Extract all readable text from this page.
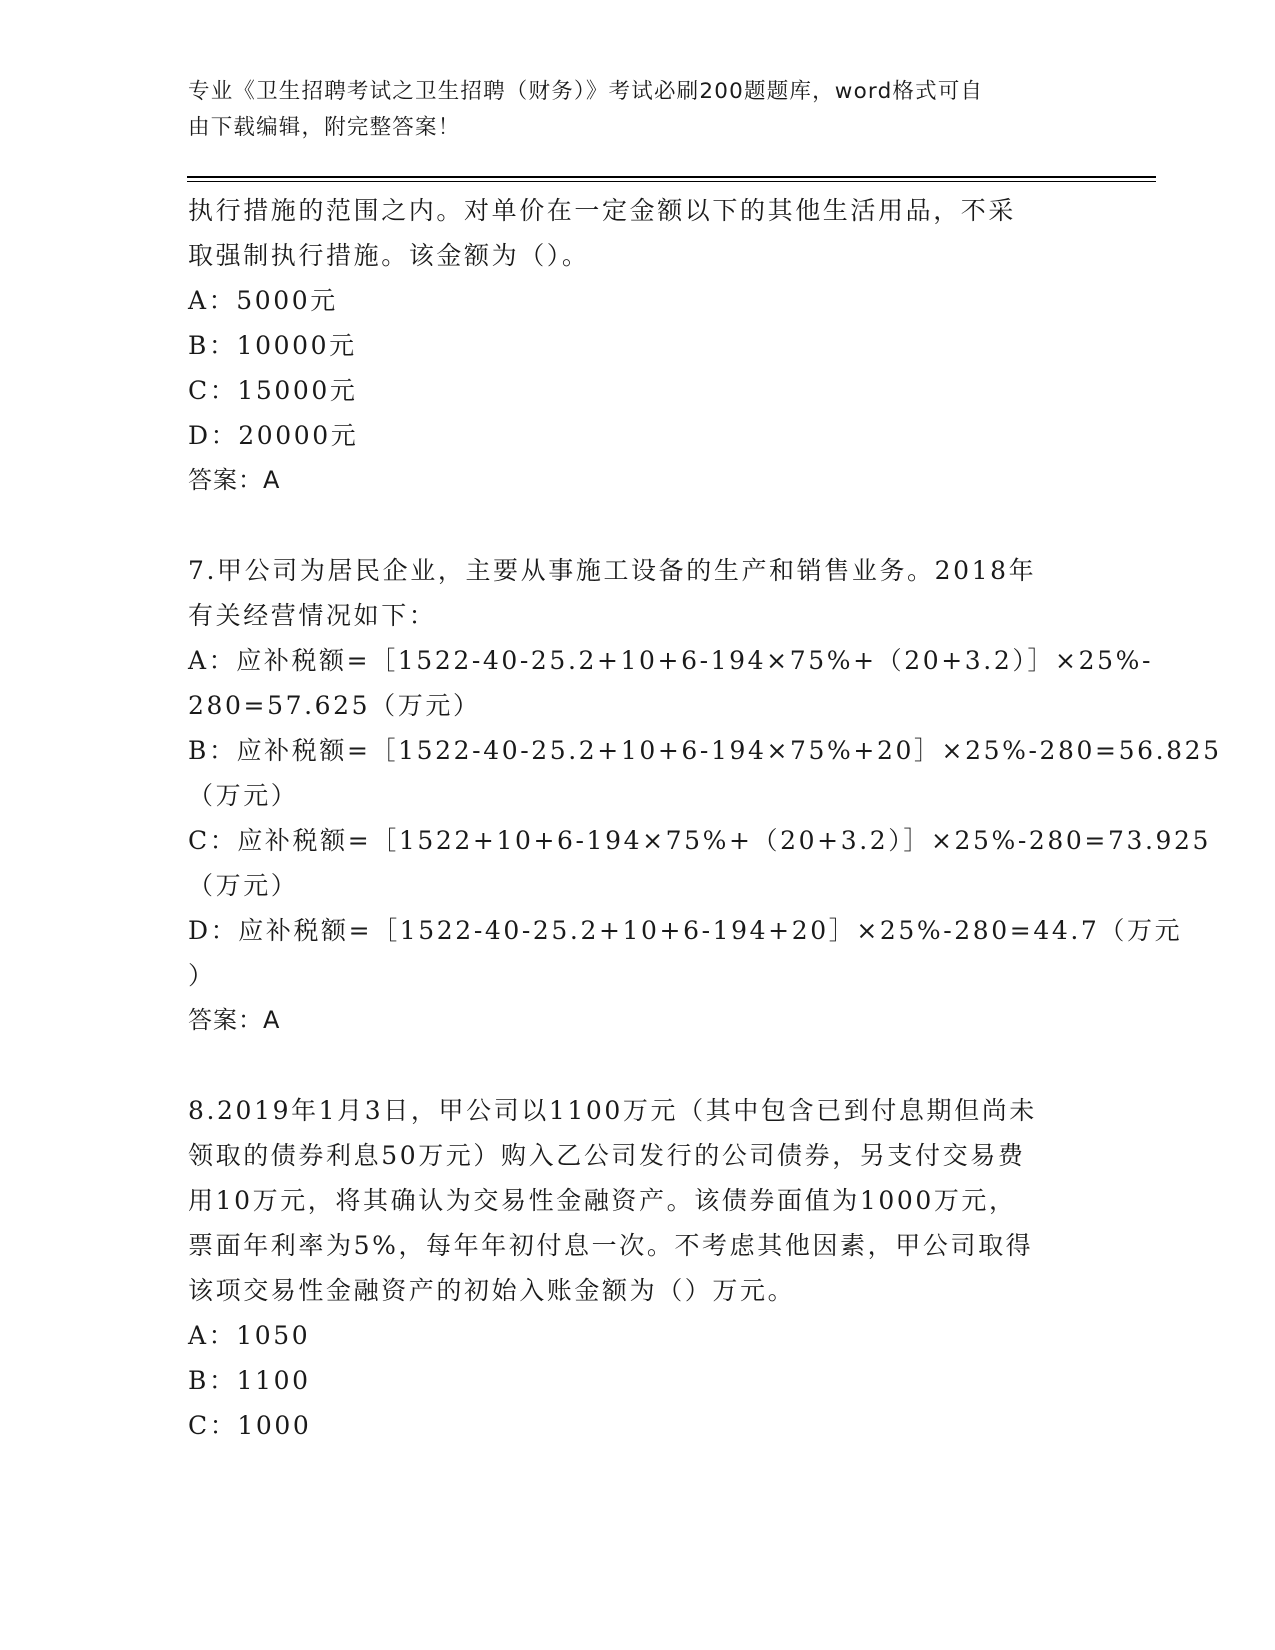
专业《卫生招聘考试之卫生招聘（财务）》考试必刷200题题库，word格式可自
由下载编辑，附完整答案！
执行措施的范围之内。对单价在一定金额以下的其他生活用品，不采
取强制执行措施。该金额为（）。
A：5000元
B：10000元
C：15000元
D：20000元
答案：A
7.甲公司为居民企业，主要从事施工设备的生产和销售业务。2018年
有关经营情况如下：
A：应补税额=［1522-40-25.2+10+6-194×75%+（20+3.2）］×25%-
280=57.625（万元）
B：应补税额=［1522-40-25.2+10+6-194×75%+20］×25%-280=56.825
（万元）
C：应补税额=［1522+10+6-194×75%+（20+3.2）］×25%-280=73.925
（万元）
D：应补税额=［1522-40-25.2+10+6-194+20］×25%-280=44.7（万元
）
答案：A
8.2019年1月3日，甲公司以1100万元（其中包含已到付息期但尚未
领取的债券利息50万元）购入乙公司发行的公司债券，另支付交易费
用10万元，将其确认为交易性金融资产。该债券面值为1000万元，
票面年利率为5%，每年年初付息一次。不考虑其他因素，甲公司取得
该项交易性金融资产的初始入账金额为（）万元。
A：1050
B：1100
C：1000
